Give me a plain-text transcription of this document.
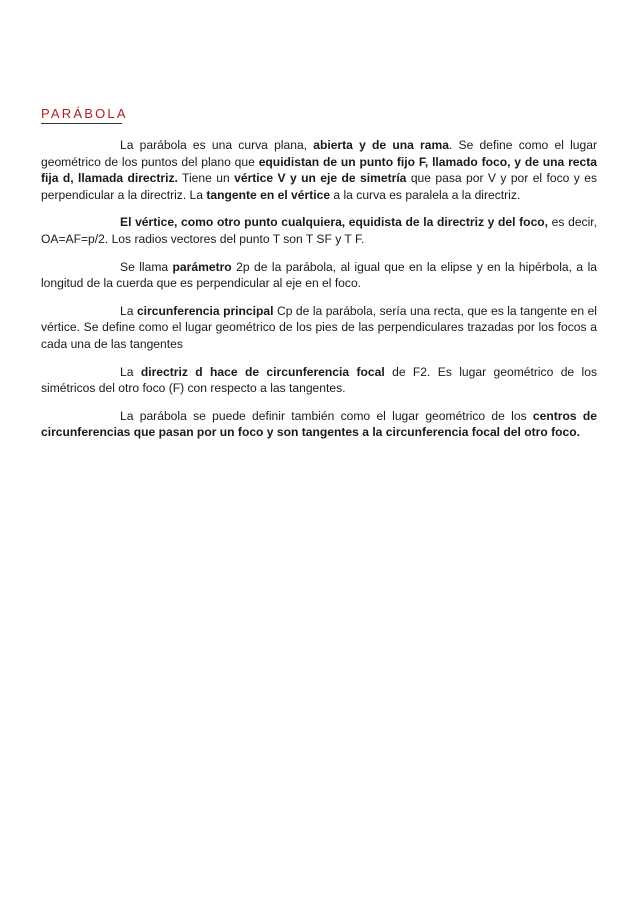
PARÁBOLA

La parábola es una curva plana, abierta y de una rama. Se define como el lugar geométrico de los puntos del plano que equidistan de un punto fijo F, llamado foco, y de una recta fija d, llamada directriz. Tiene un vértice V y un eje de simetría que pasa por V y por el foco y es perpendicular a la directriz. La tangente en el vértice a la curva es paralela a la directriz.

El vértice, como otro punto cualquiera, equidista de la directriz y del foco, es decir, OA=AF=p/2. Los radios vectores del punto T son T SF y T F.

Se llama parámetro 2p de la parábola, al igual que en la elipse y en la hipérbola, a la longitud de la cuerda que es perpendicular al eje en el foco.

La circunferencia principal Cp de la parábola, sería una recta, que es la tangente en el vértice. Se define como el lugar geométrico de los pies de las perpendiculares trazadas por los focos a cada una de las tangentes

La directriz d hace de circunferencia focal de F2. Es lugar geométrico de los simétricos del otro foco (F) con respecto a las tangentes.

La parábola se puede definir también como el lugar geométrico de los centros de circunferencias que pasan por un foco y son tangentes a la circunferencia focal del otro foco.
